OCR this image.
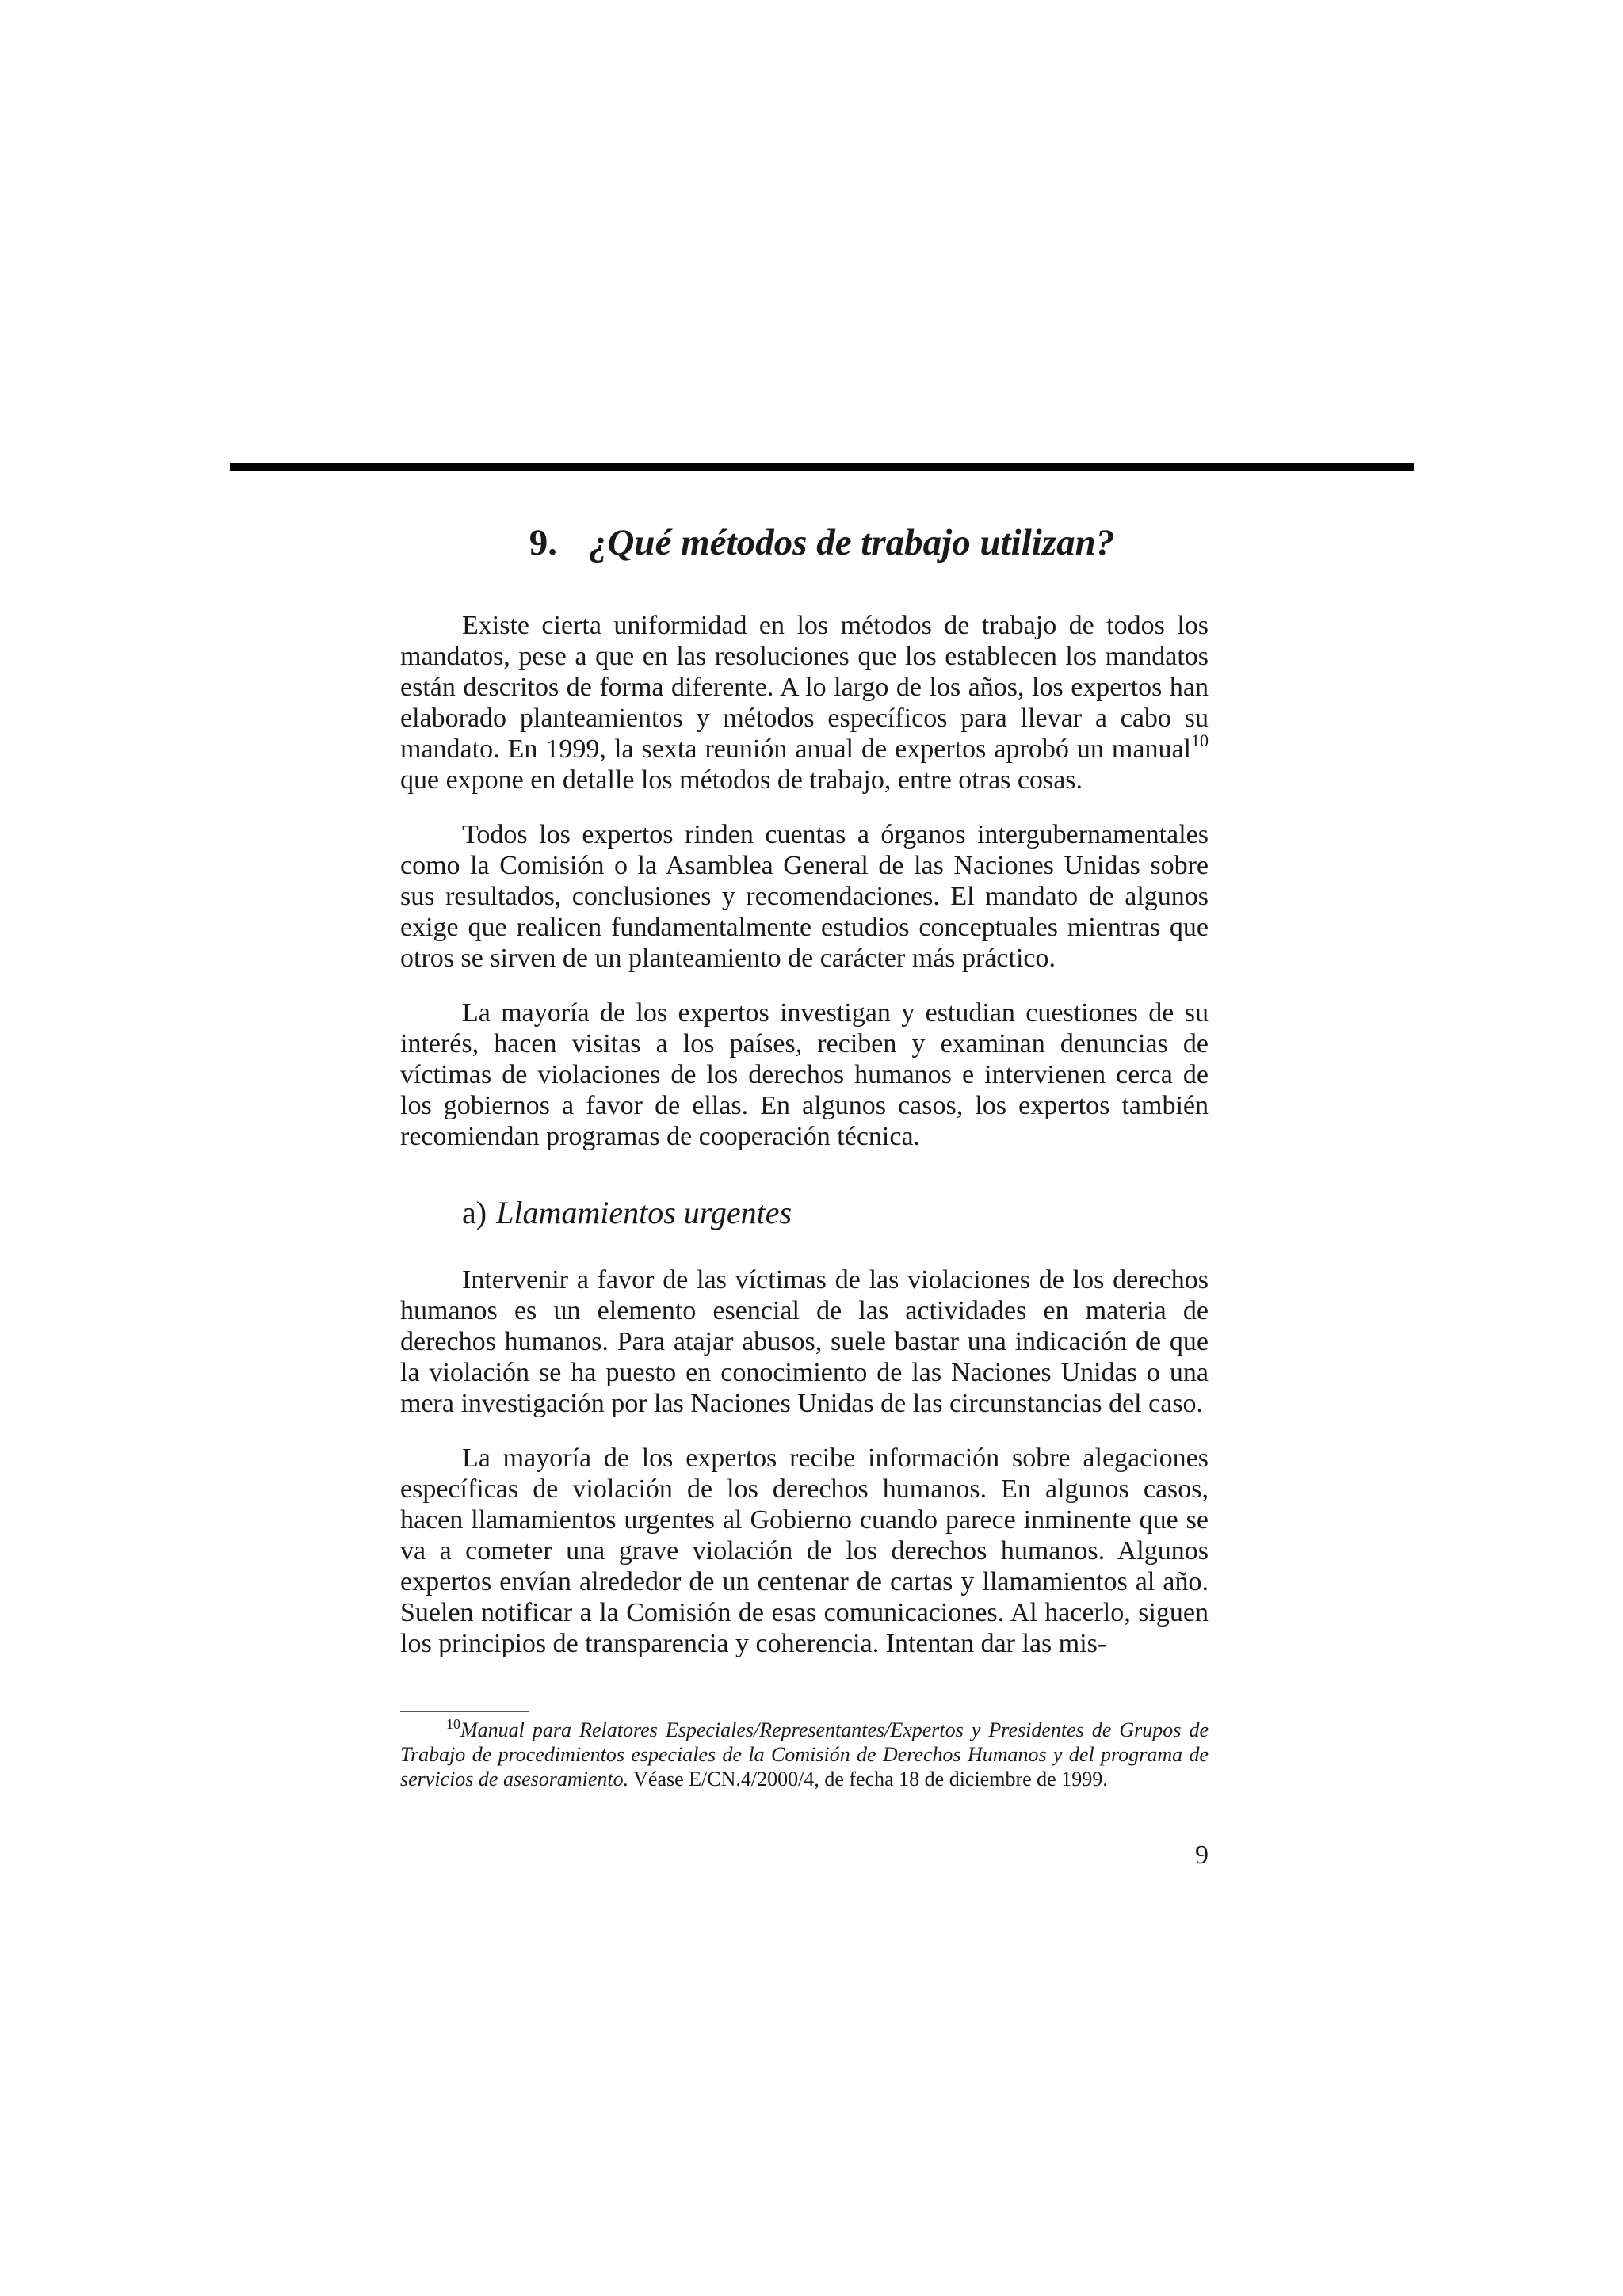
9. ¿Qué métodos de trabajo utilizan?

Existe cierta uniformidad en los métodos de trabajo de todos los mandatos, pese a que en las resoluciones que los establecen los mandatos están descritos de forma diferente. A lo largo de los años, los expertos han elaborado planteamientos y métodos específicos para llevar a cabo su mandato. En 1999, la sexta reunión anual de expertos aprobó un manual$^{10}$ que expone en detalle los métodos de trabajo, entre otras cosas.

Todos los expertos rinden cuentas a órganos intergubernamentales como la Comisión o la Asamblea General de las Naciones Unidas sobre sus resultados, conclusiones y recomendaciones. El mandato de algunos exige que realicen fundamentalmente estudios conceptuales mientras que otros se sirven de un planteamiento de carácter más práctico.

La mayoría de los expertos investigan y estudian cuestiones de su interés, hacen visitas a los países, reciben y examinan denuncias de víctimas de violaciones de los derechos humanos e intervienen cerca de los gobiernos a favor de ellas. En algunos casos, los expertos también recomiendan programas de cooperación técnica.

a) Llamamientos urgentes

Intervenir a favor de las víctimas de las violaciones de los derechos humanos es un elemento esencial de las actividades en materia de derechos humanos. Para atajar abusos, suele bastar una indicación de que la violación se ha puesto en conocimiento de las Naciones Unidas o una mera investigación por las Naciones Unidas de las circunstancias del caso.

La mayoría de los expertos recibe información sobre alegaciones específicas de violación de los derechos humanos. En algunos casos, hacen llamamientos urgentes al Gobierno cuando parece inminente que se va a cometer una grave violación de los derechos humanos. Algunos expertos envían alrededor de un centenar de cartas y llamamientos al año. Suelen notificar a la Comisión de esas comunicaciones. Al hacerlo, siguen los principios de transparencia y coherencia. Intentan dar las mis-

$^{10}$Manual para Relatores Especiales/Representantes/Expertos y Presidentes de Grupos de Trabajo de procedimientos especiales de la Comisión de Derechos Humanos y del programa de servicios de asesoramiento. Véase E/CN.4/2000/4, de fecha 18 de diciembre de 1999.

9
